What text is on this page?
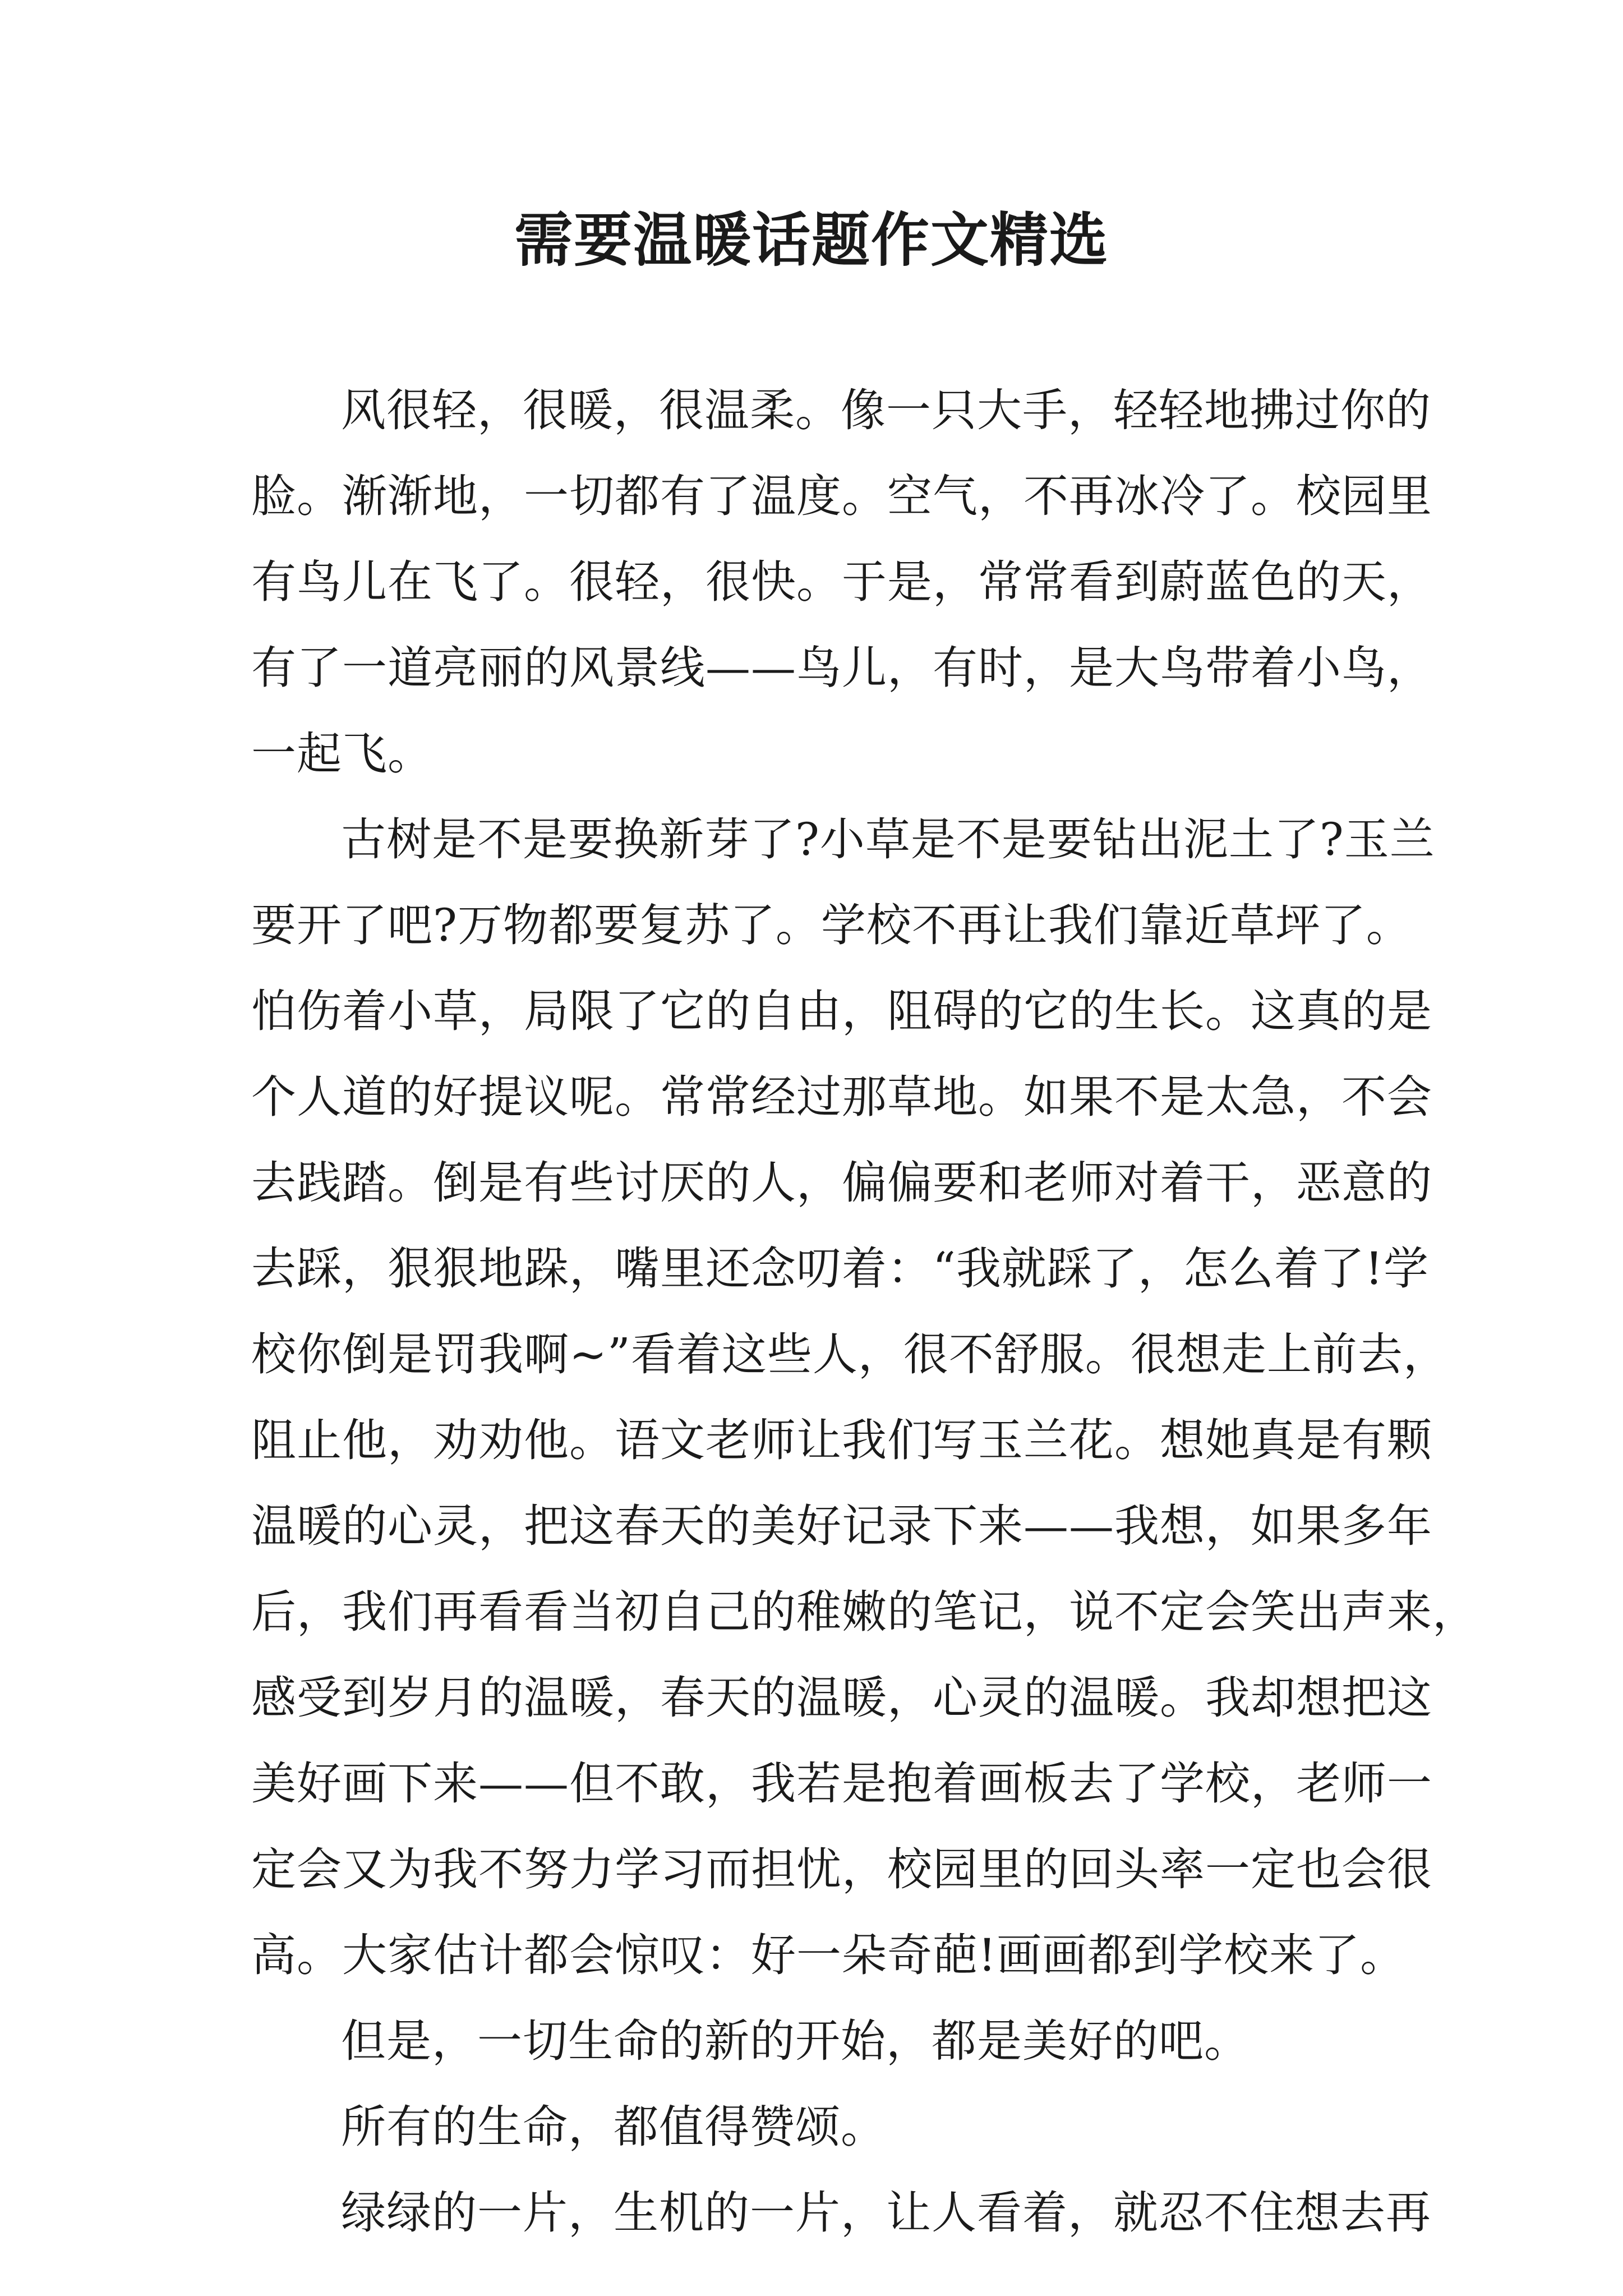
需要温暖话题作文精选
风很轻，很暖，很温柔。像一只大手，轻轻地拂过你的
脸。渐渐地，一切都有了温度。空气，不再冰冷了。校园里
有鸟儿在飞了。很轻，很快。于是，常常看到蔚蓝色的天，
有了一道亮丽的风景线——鸟儿，有时，是大鸟带着小鸟，
一起飞。
古树是不是要换新芽了?小草是不是要钻出泥土了?玉兰
要开了吧?万物都要复苏了。学校不再让我们靠近草坪了。
怕伤着小草，局限了它的自由，阻碍的它的生长。这真的是
个人道的好提议呢。常常经过那草地。如果不是太急，不会
去践踏。倒是有些讨厌的人，偏偏要和老师对着干，恶意的
去踩，狠狠地跺，嘴里还念叨着：“我就踩了，怎么着了!学
校你倒是罚我啊~”看着这些人，很不舒服。很想走上前去，
阻止他，劝劝他。语文老师让我们写玉兰花。想她真是有颗
温暖的心灵，把这春天的美好记录下来——我想，如果多年
后，我们再看看当初自己的稚嫩的笔记，说不定会笑出声来，
感受到岁月的温暖，春天的温暖，心灵的温暖。我却想把这
美好画下来——但不敢，我若是抱着画板去了学校，老师一
定会又为我不努力学习而担忧，校园里的回头率一定也会很
高。大家估计都会惊叹：好一朵奇葩!画画都到学校来了。
但是，一切生命的新的开始，都是美好的吧。
所有的生命，都值得赞颂。
绿绿的一片，生机的一片，让人看着，就忍不住想去再
